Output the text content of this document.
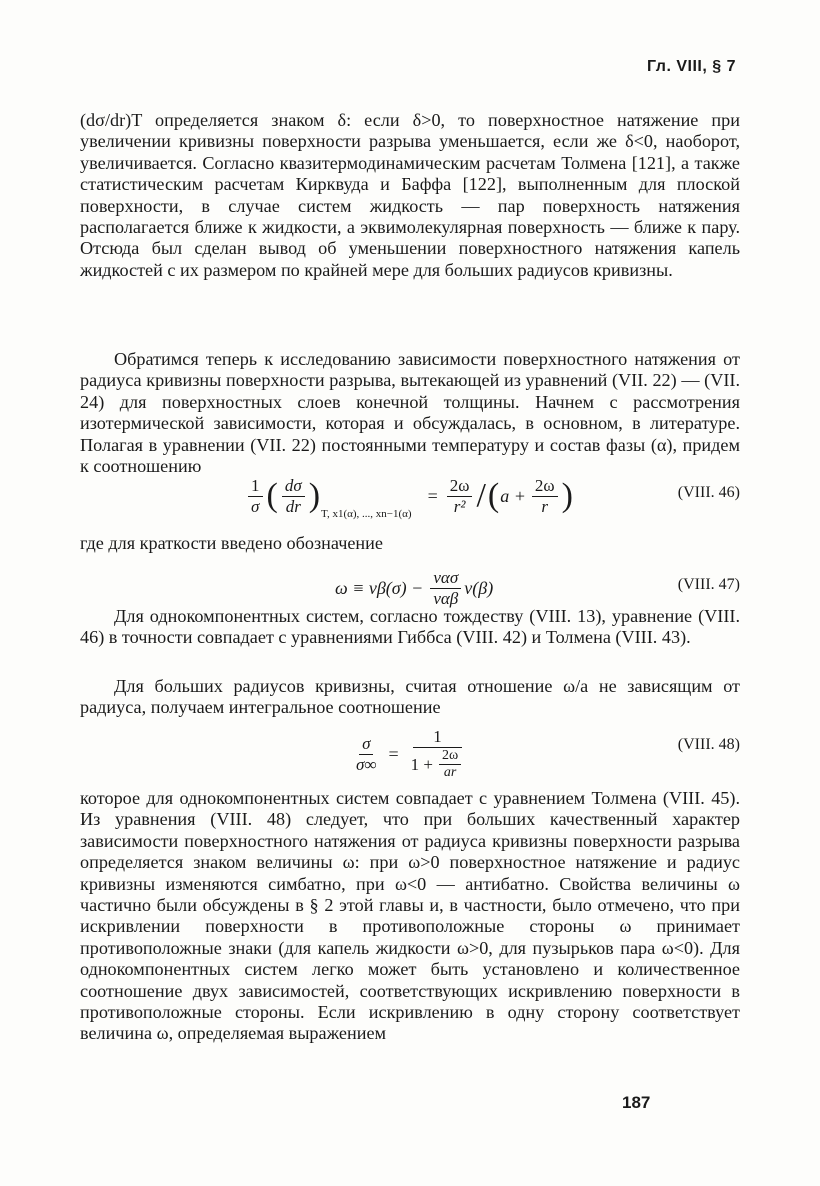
Гл. VIII, § 7

(dσ/dr)T определяется знаком δ: если δ>0, то поверхностное натяжение при увеличении кривизны поверхности разрыва уменьшается, если же δ<0, наоборот, увеличивается. Согласно квазитермодинамическим расчетам Толмена [121], а также статистическим расчетам Кирквуда и Баффа [122], выполненным для плоской поверхности, в случае систем жидкость — пар поверхность натяжения располагается ближе к жидкости, а эквимолекулярная поверхность — ближе к пару. Отсюда был сделан вывод об уменьшении поверхностного натяжения капель жидкостей с их размером по крайней мере для больших радиусов кривизны.

Обратимся теперь к исследованию зависимости поверхностного натяжения от радиуса кривизны поверхности разрыва, вытекающей из уравнений (VII. 22) — (VII. 24) для поверхностных слоев конечной толщины. Начнем с рассмотрения изотермической зависимости, которая и обсуждалась, в основном, в литературе. Полагая в уравнении (VII. 22) постоянными температуру и состав фазы (α), придем к соотношению

$\frac{1}{\sigma}$ ( $\frac{d\sigma}{dr}$ ) T, x1(α), ..., xn−1(α)
= $\frac{2\omega}{\text{r²}}$ / ( $a + \frac{2\omega}{r}$ )	(VIII. 46)

где для краткости введено обозначение

$\omega \equiv v\beta(\sigma) - \frac{\text{vασ}}{\text{vαβ}} v(\beta)$	(VIII. 47)

Для однокомпонентных систем, согласно тождеству (VIII. 13), уравнение (VIII. 46) в точности совпадает с уравнениями Гиббса (VIII. 42) и Толмена (VIII. 43).

Для больших радиусов кривизны, считая отношение ω/a не зависящим от радиуса, получаем интегральное соотношение

$\frac{\sigma}{\sigma\infty} = \frac{1}{1 + \frac{2\omega}{ar}}$	(VIII. 48)

которое для однокомпонентных систем совпадает с уравнением Толмена (VIII. 45). Из уравнения (VIII. 48) следует, что при больших качественный характер зависимости поверхностного натяжения от радиуса кривизны поверхности разрыва определяется знаком величины ω: при ω>0 поверхностное натяжение и радиус кривизны изменяются симбатно, при ω<0 — антибатно. Свойства величины ω частично были обсуждены в § 2 этой главы и, в частности, было отмечено, что при искривлении поверхности в противоположные стороны ω принимает противоположные знаки (для капель жидкости ω>0, для пузырьков пара ω<0). Для однокомпонентных систем легко может быть установлено и количественное соотношение двух зависимостей, соответствующих искривлению поверхности в противоположные стороны. Если искривлению в одну сторону соответствует величина ω, определяемая выражением

187
